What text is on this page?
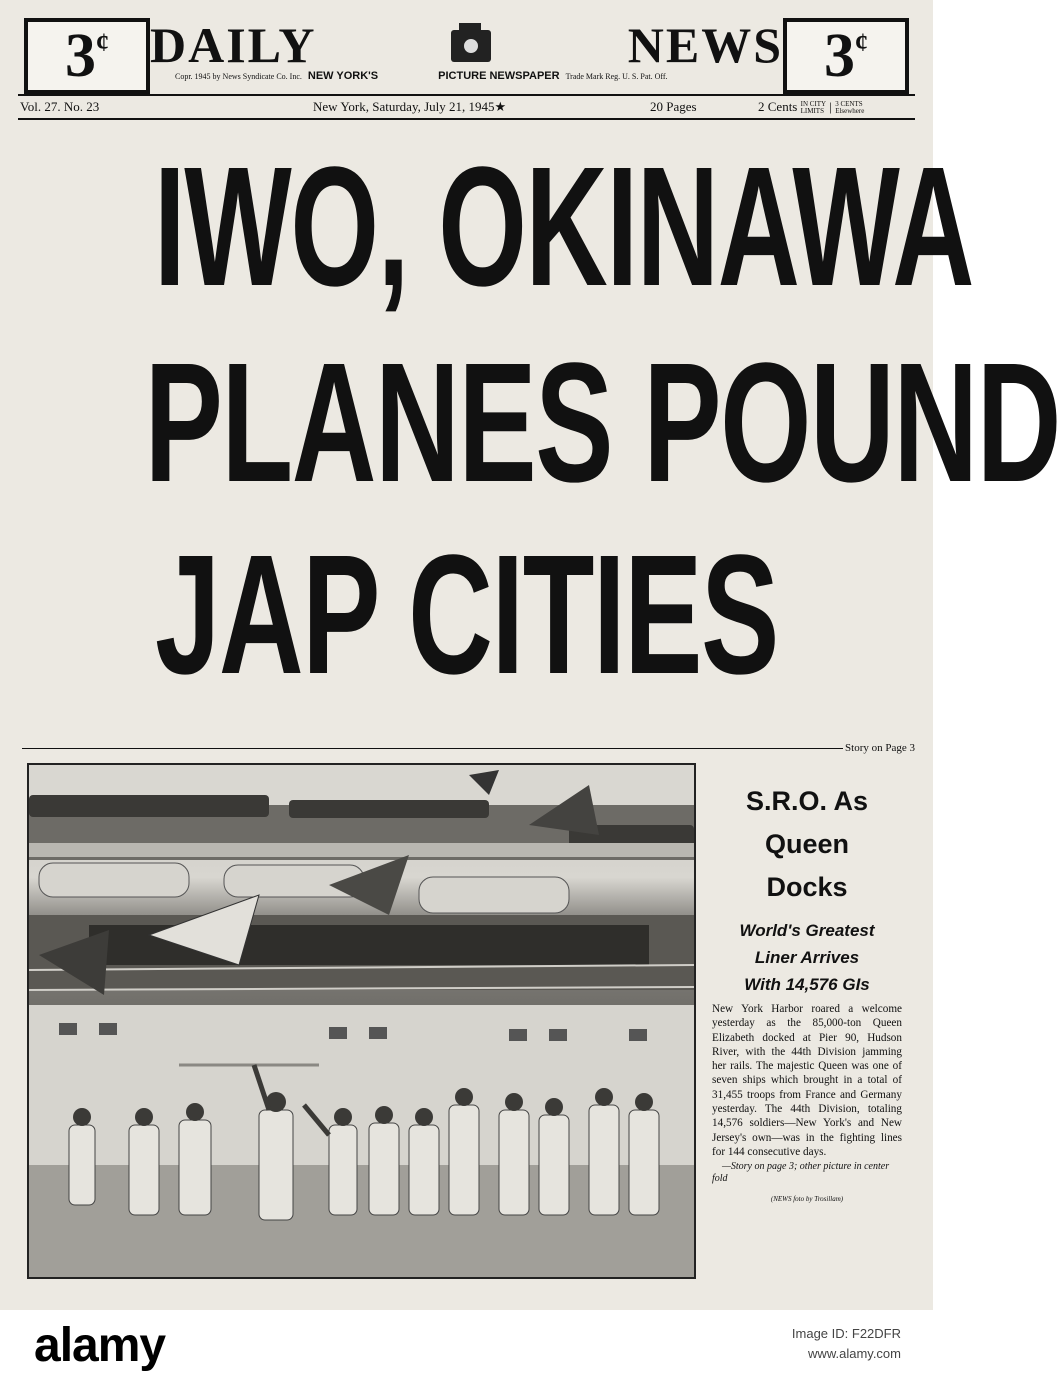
3 ¢	3 ¢
DAILY	NEWS
Copr. 1945 by News Syndicate Co. Inc. NEW YORK'S	PICTURE NEWSPAPER Trade Mark Reg. U. S. Pat. Off.
Vol. 27. No. 23	New York, Saturday, July 21, 1945★	20 Pages	2 Cents IN CITY
LIMITS | 3 CENTS
Elsewhere
IWO, OKINAWA
PLANES POUND
JAP CITIES
Story on Page 3
S.R.O. As
Queen
Docks
World's Greatest
Liner Arrives
With 14,576 GIs
New York Harbor roared a welcome yesterday as the 85,000-ton Queen Elizabeth docked at Pier 90, Hudson River, with the 44th Division jamming her rails. The majestic Queen was one of seven ships which brought in a total of 31,455 troops from France and Germany yesterday. The 44th Division, totaling 14,576 soldiers—New York's and New Jersey's own—was in the fighting lines for 144 consecutive days.
—Story on page 3; other picture in center fold
(NEWS foto by Trosillam)
alamy	Image ID: F22DFR
www.alamy.com
